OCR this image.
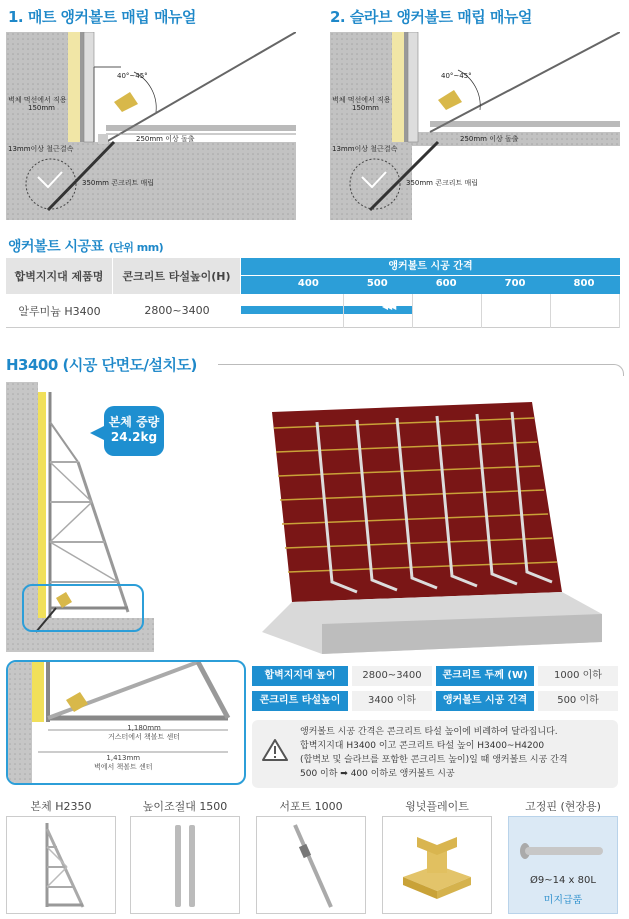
1. 매트 앵커볼트 매립 매뉴얼	2. 슬라브 앵커볼트 매립 매뉴얼
40°~45°
벽체 먹선에서 직용
150mm
250mm 이상 돌출
13mm이상 철근결속
350mm 콘크리트 매립
40°~45°
벽체 먹선에서 직용
150mm
250mm 이상 돌출
13mm이상 철근결속
350mm 콘크리트 매립
앵커볼트 시공표 (단위 mm)
합벽지지대 제품명	콘크리트 타설높이(H)
앵커볼트 시공 간격
400	500	600	700	800
알루미늄 H3400	2800~3400	◀◀◀
H3400 (시공 단면도/설치도)
본체 중량
24.2kg
1,180mm
거스터에서 책볼트 센터
1,413mm
벽에서 책볼트 센터
합벽지지대 높이	2800~3400	콘크리트 두께 (W)	1000 이하
콘크리트 타설높이	3400 이하	앵커볼트 시공 간격	500 이하
앵커볼트 시공 간격은 콘크리트 타설 높이에 비례하여 달라집니다.
합벽지지대 H3400 이고 콘크리트 타설 높이 H3400~H4200
(합벽보 및 슬라브를 포함한 콘크리트 높이)일 때 앵커볼트 시공 간격
500 이하 ➡ 400 이하로 앵커볼트 시공
본체 H2350	높이조절대 1500	서포트 1000	윙넛플레이트	고정핀 (현장용)
Ø9~14 x 80L
미지급품
